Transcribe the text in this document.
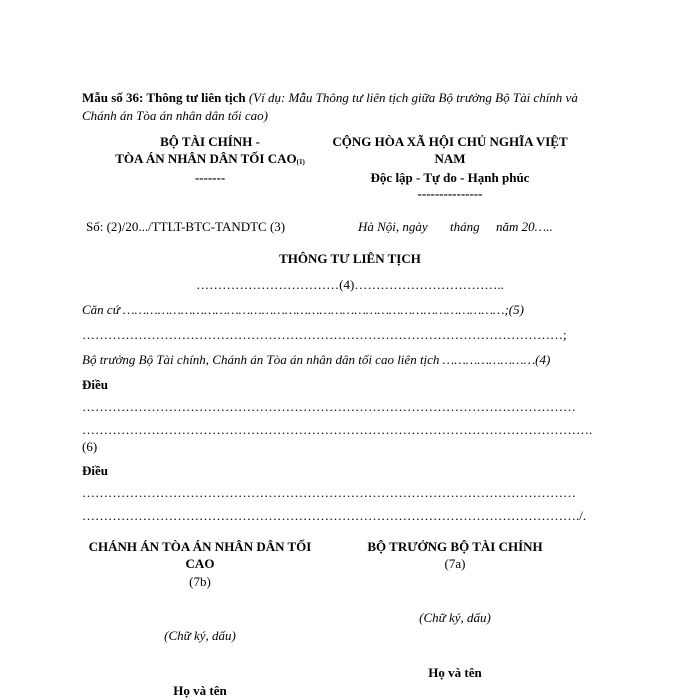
Mẫu số 36: Thông tư liên tịch (Ví dụ: Mẫu Thông tư liên tịch giữa Bộ trưởng Bộ Tài chính và
Chánh án Tòa án nhân dân tối cao)
BỘ TÀI CHÍNH -
TÒA ÁN NHÂN DÂN TỐI CAO(1)
-------
CỘNG HÒA XÃ HỘI CHỦ NGHĨA VIỆT
NAM
Độc lập - Tự do - Hạnh phúc
---------------
Số: (2)/20.../TTLT-BTC-TANDTC (3)	Hà Nội, ngày tháng năm 20…..
THÔNG TƯ LIÊN TỊCH
……………………………(4)……………………………..
Căn cứ ………………………………………………………………………………………;(5)
…………………………………………………………………………………………………;
Bộ trưởng Bộ Tài chính, Chánh án Tòa án nhân dân tối cao liên tịch ……………………(4)
Điều
……………………………………………………………………………………………………
……………………………………………………………………………………………………….
(6)
Điều
……………………………………………………………………………………………………
……………………………………………………………………………………………………./.
CHÁNH ÁN TÒA ÁN NHÂN DÂN TỐI
CAO
(7b)
(Chữ ký, dấu)
Họ và tên
BỘ TRƯỞNG BỘ TÀI CHÍNH
(7a)
(Chữ ký, dấu)
Họ và tên
